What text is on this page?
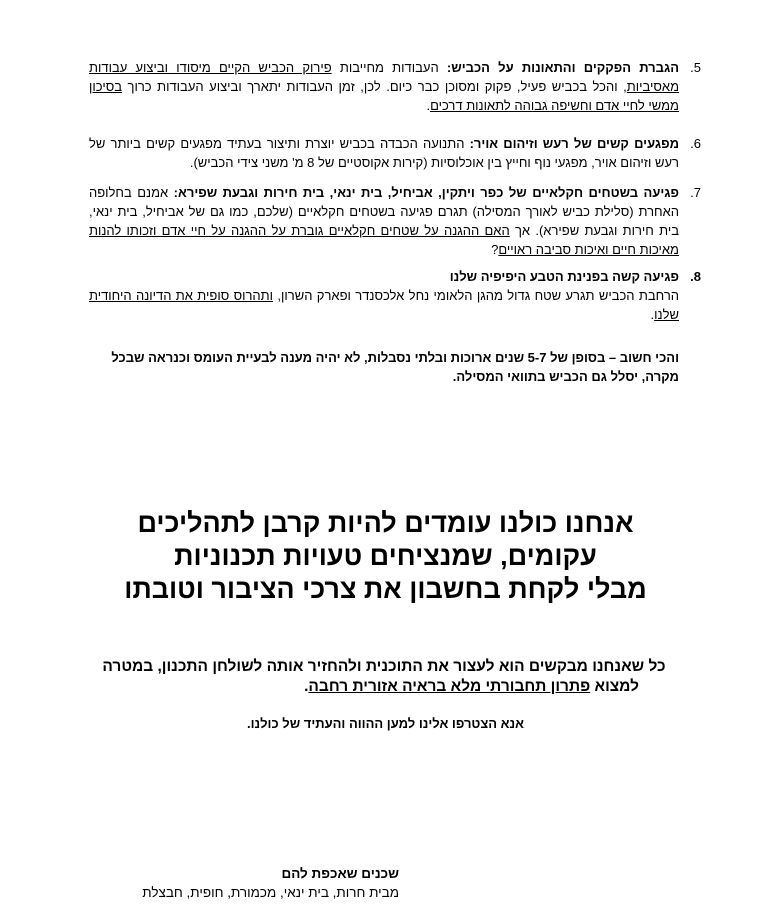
5.
הגברת הפקקים והתאונות על הכביש: העבודות מחייבות פירוק הכביש הקיים מיסודו וביצוע עבודות מאסיביות, והכל בכביש פעיל, פקוק ומסוכן כבר כיום. לכן, זמן העבודות יתארך וביצוע העבודות כרוך בסיכון ממשי לחיי אדם וחשיפה גבוהה לתאונות דרכים.
6.
מפגעים קשים של רעש וזיהום אויר: התנועה הכבדה בכביש יוצרת ותיצור בעתיד מפגעים קשים ביותר של רעש וזיהום אויר, מפגעי נוף וחייץ בין אוכלוסיות (קירות אקוסטיים של 8 מ' משני צידי הכביש).
7.
פגיעה בשטחים חקלאיים של כפר ויתקין, אביחיל, בית ינאי, בית חירות וגבעת שפירא: אמנם בחלופה האחרת (סלילת כביש לאורך המסילה) תגרם פגיעה בשטחים חקלאיים (שלכם, כמו גם של אביחיל, בית ינאי, בית חירות וגבעת שפירא). אך האם ההגנה על שטחים חקלאיים גוברת על ההגנה על חיי אדם וזכותו להנות מאיכות חיים ואיכות סביבה ראויים?
8.
פגיעה קשה בפנינת הטבע היפיפיה שלנו
הרחבת הכביש תגרע שטח גדול מהגן הלאומי נחל אלכסנדר ופארק השרון, ותהרוס סופית את הדיונה היחודית שלנו.
והכי חשוב – בסופן של 5-7 שנים ארוכות ובלתי נסבלות, לא יהיה מענה לבעיית העומס וכנראה שבכל מקרה, יסלל גם הכביש בתוואי המסילה.
אנחנו כולנו עומדים להיות קרבן לתהליכים
עקומים, שמנציחים טעויות תכנוניות
מבלי לקחת בחשבון את צרכי הציבור וטובתו
כל שאנחנו מבקשים הוא לעצור את התוכנית ולהחזיר אותה לשולחן התכנון, במטרה
למצוא פתרון תחבורתי מלא בראיה אזורית רחבה.
אנא הצטרפו אלינו למען ההווה והעתיד של כולנו.
שכנים שאכפת להם
מבית חרות, בית ינאי, מכמורת, חופית, חבצלת
